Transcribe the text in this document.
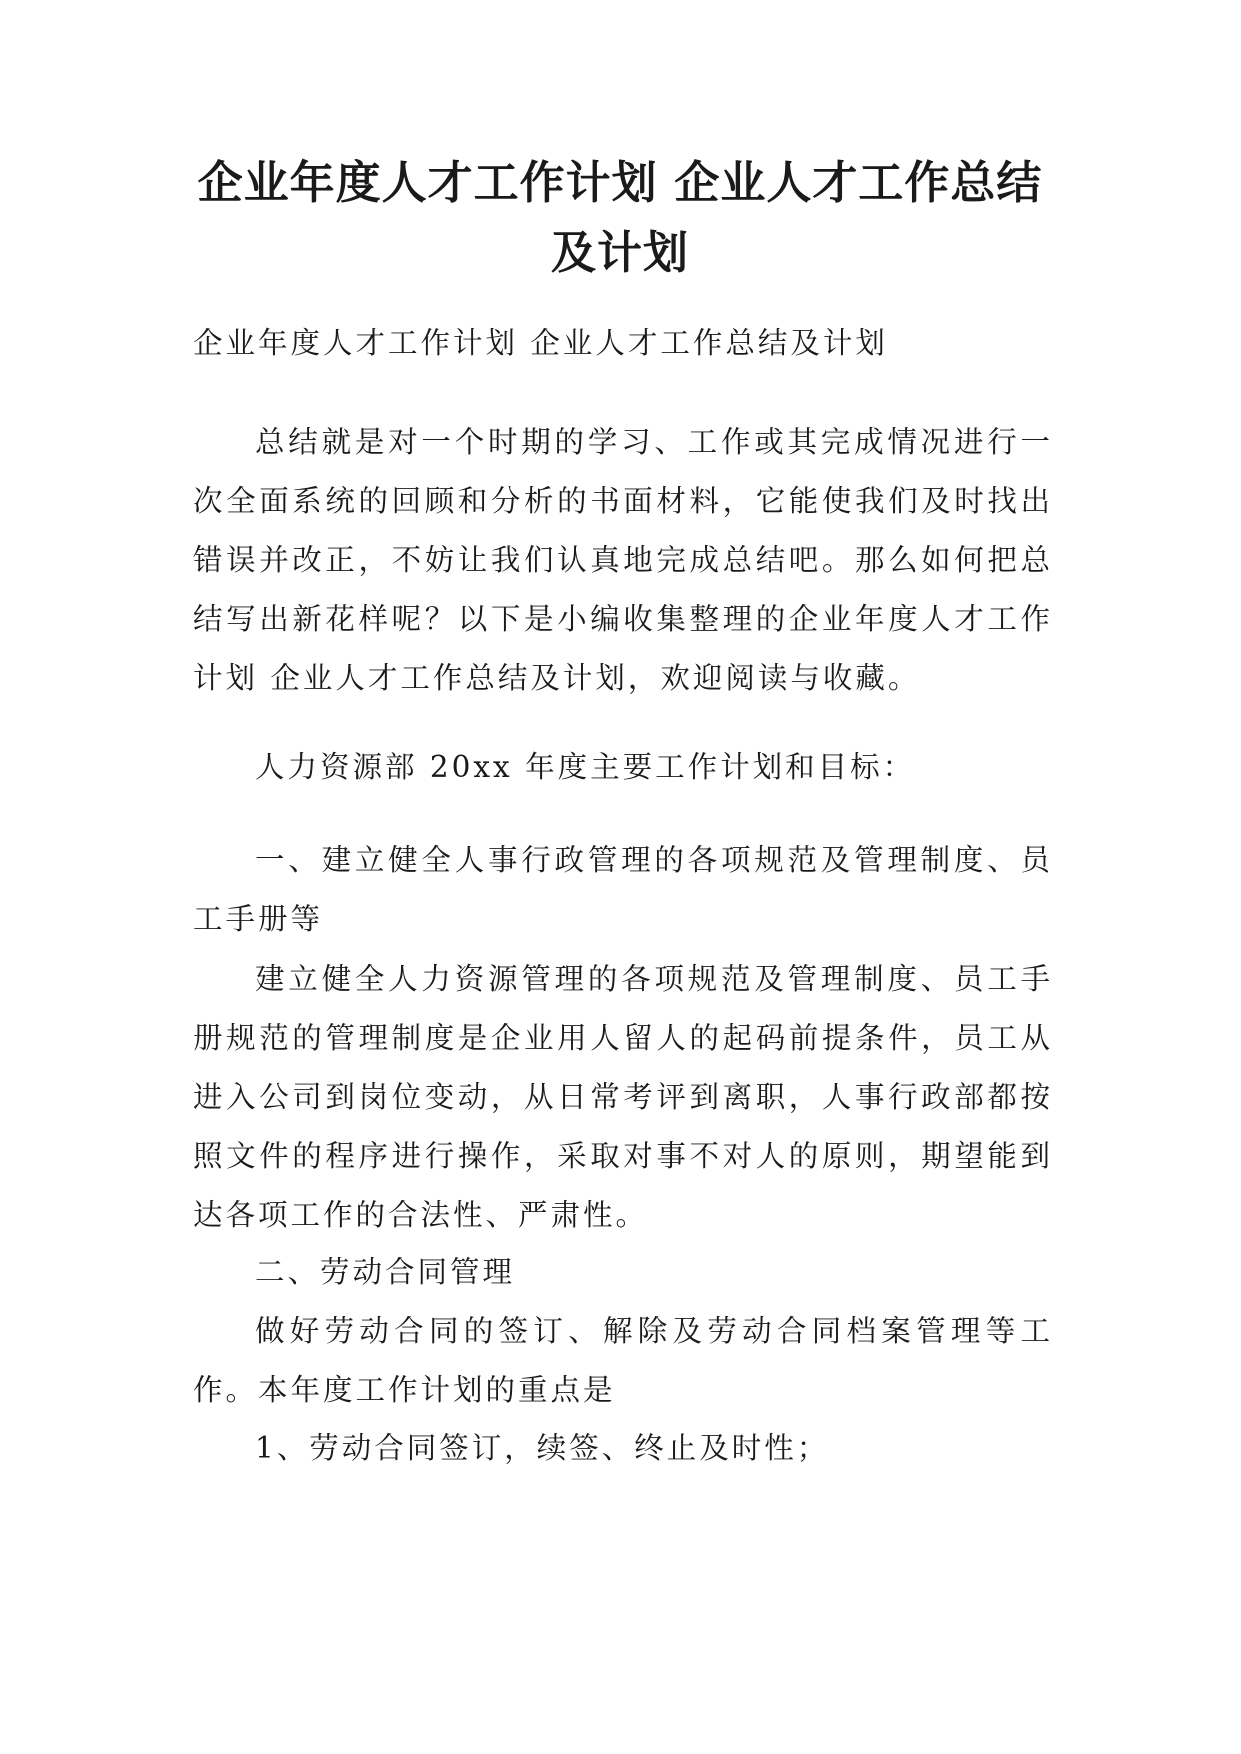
企业年度人才工作计划 企业人才工作总结
及计划

企业年度人才工作计划 企业人才工作总结及计划

总结就是对一个时期的学习、工作或其完成情况进行一次全面系统的回顾和分析的书面材料，它能使我们及时找出错误并改正，不妨让我们认真地完成总结吧。那么如何把总结写出新花样呢？以下是小编收集整理的企业年度人才工作计划 企业人才工作总结及计划，欢迎阅读与收藏。

人力资源部 20xx 年度主要工作计划和目标：

一、建立健全人事行政管理的各项规范及管理制度、员工手册等

建立健全人力资源管理的各项规范及管理制度、员工手册规范的管理制度是企业用人留人的起码前提条件，员工从进入公司到岗位变动，从日常考评到离职，人事行政部都按照文件的程序进行操作，采取对事不对人的原则，期望能到达各项工作的合法性、严肃性。

二、劳动合同管理

做好劳动合同的签订、解除及劳动合同档案管理等工作。本年度工作计划的重点是

1、劳动合同签订，续签、终止及时性；
